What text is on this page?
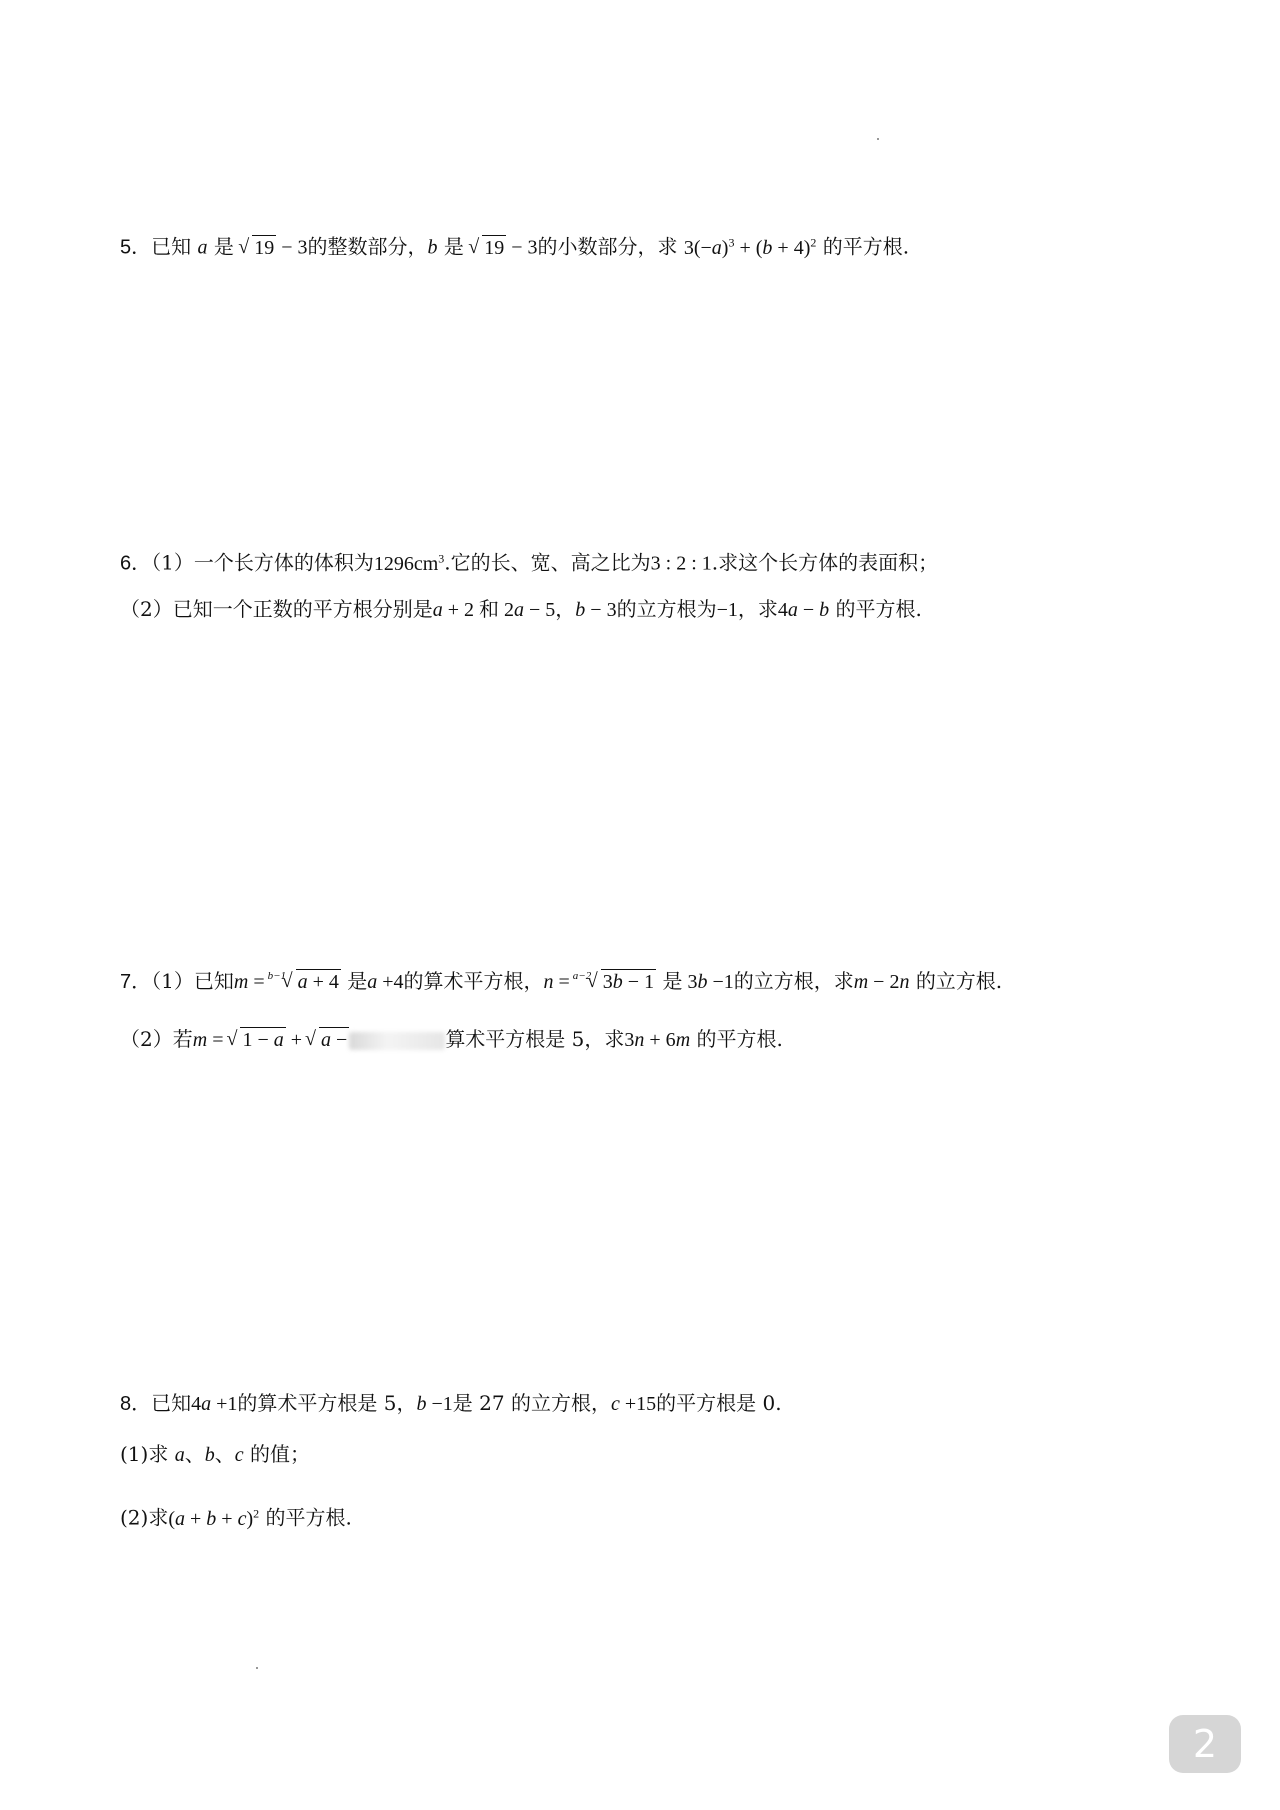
5．已知 a 是 √ 19 − 3的整数部分，b 是 √ 19 − 3的小数部分，求 $3(-a)^3 + (b + 4)^2$ 的平方根.
6．（1）一个长方体的体积为$1296cm^3$.它的长、宽、高之比为3 : 2 : 1.求这个长方体的表面积；
（2）已知一个正数的平方根分别是a + 2 和 2a − 5，b − 3的立方根为−1，求4a − b 的平方根.
7．（1）已知m =
√ b−1 a + 4 是a +4的算术平方根，n =
√ a−2 3b − 1 是 3b −1的立方根，求m − 2n 的立方根.
（2）若m = √ 1 − a + √ a −	算术平方根是 5，求3n + 6m 的平方根.
8．已知4a +1的算术平方根是 5，b −1是 27 的立方根，c +15的平方根是 0.
(1)求 a、b、c 的值；
(2)求$(a + b + c)^2$ 的平方根.
2
